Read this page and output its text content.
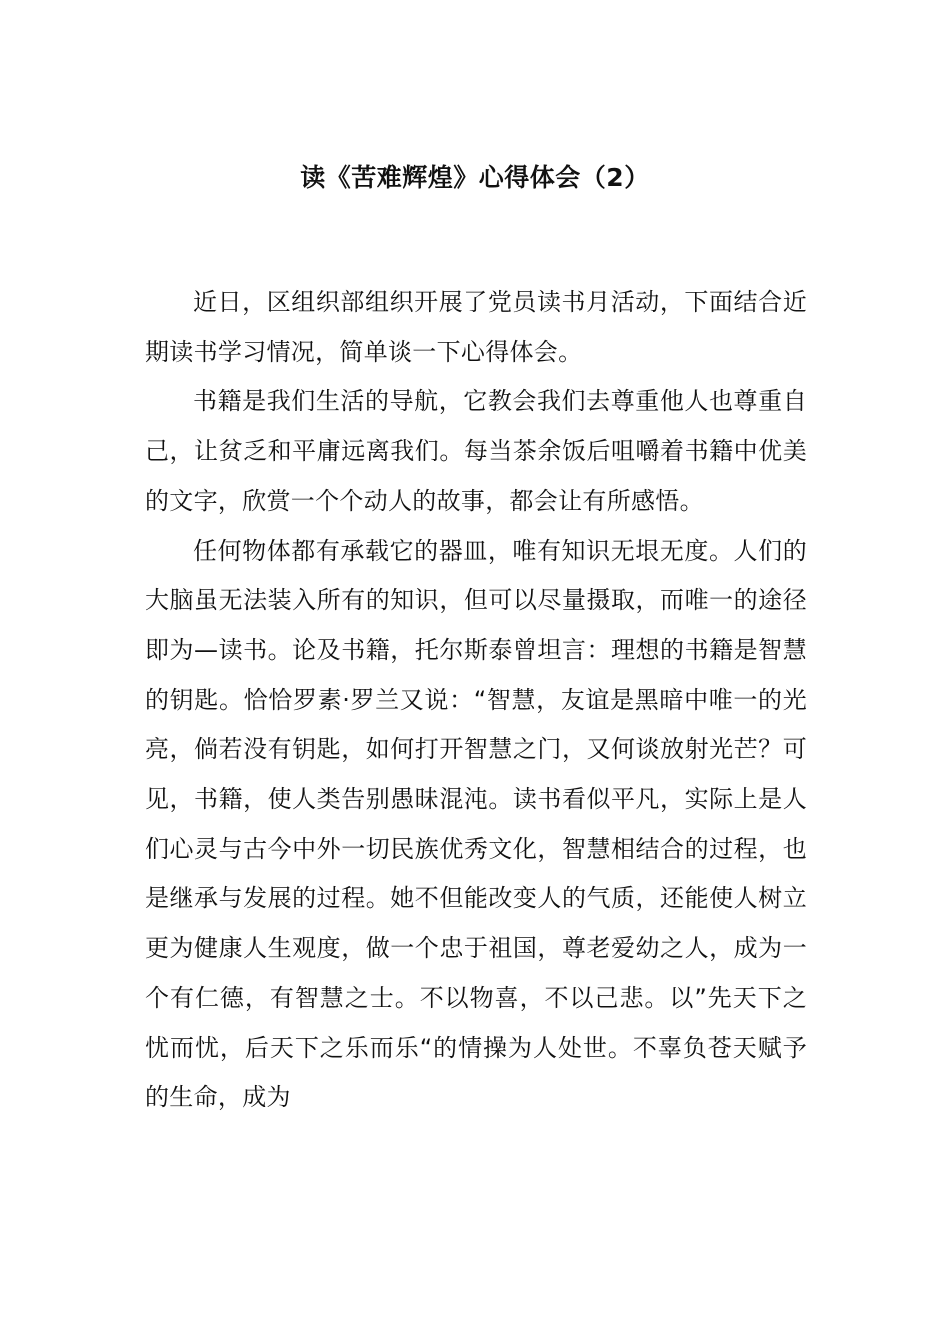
读《苦难辉煌》心得体会（2）

近日，区组织部组织开展了党员读书月活动，下面结合近期读书学习情况，简单谈一下心得体会。

书籍是我们生活的导航，它教会我们去尊重他人也尊重自己，让贫乏和平庸远离我们。每当茶余饭后咀嚼着书籍中优美的文字，欣赏一个个动人的故事，都会让有所感悟。

任何物体都有承载它的器皿，唯有知识无垠无度。人们的大脑虽无法装入所有的知识，但可以尽量摄取，而唯一的途径即为—读书。论及书籍，托尔斯泰曾坦言：理想的书籍是智慧的钥匙。恰恰罗素·罗兰又说：“智慧，友谊是黑暗中唯一的光亮，倘若没有钥匙，如何打开智慧之门，又何谈放射光芒？可见，书籍，使人类告别愚昧混沌。读书看似平凡，实际上是人们心灵与古今中外一切民族优秀文化，智慧相结合的过程，也是继承与发展的过程。她不但能改变人的气质，还能使人树立更为健康人生观度，做一个忠于祖国，尊老爱幼之人，成为一个有仁德，有智慧之士。不以物喜，不以己悲。以”先天下之忧而忧，后天下之乐而乐“的情操为人处世。不辜负苍天赋予的生命，成为
